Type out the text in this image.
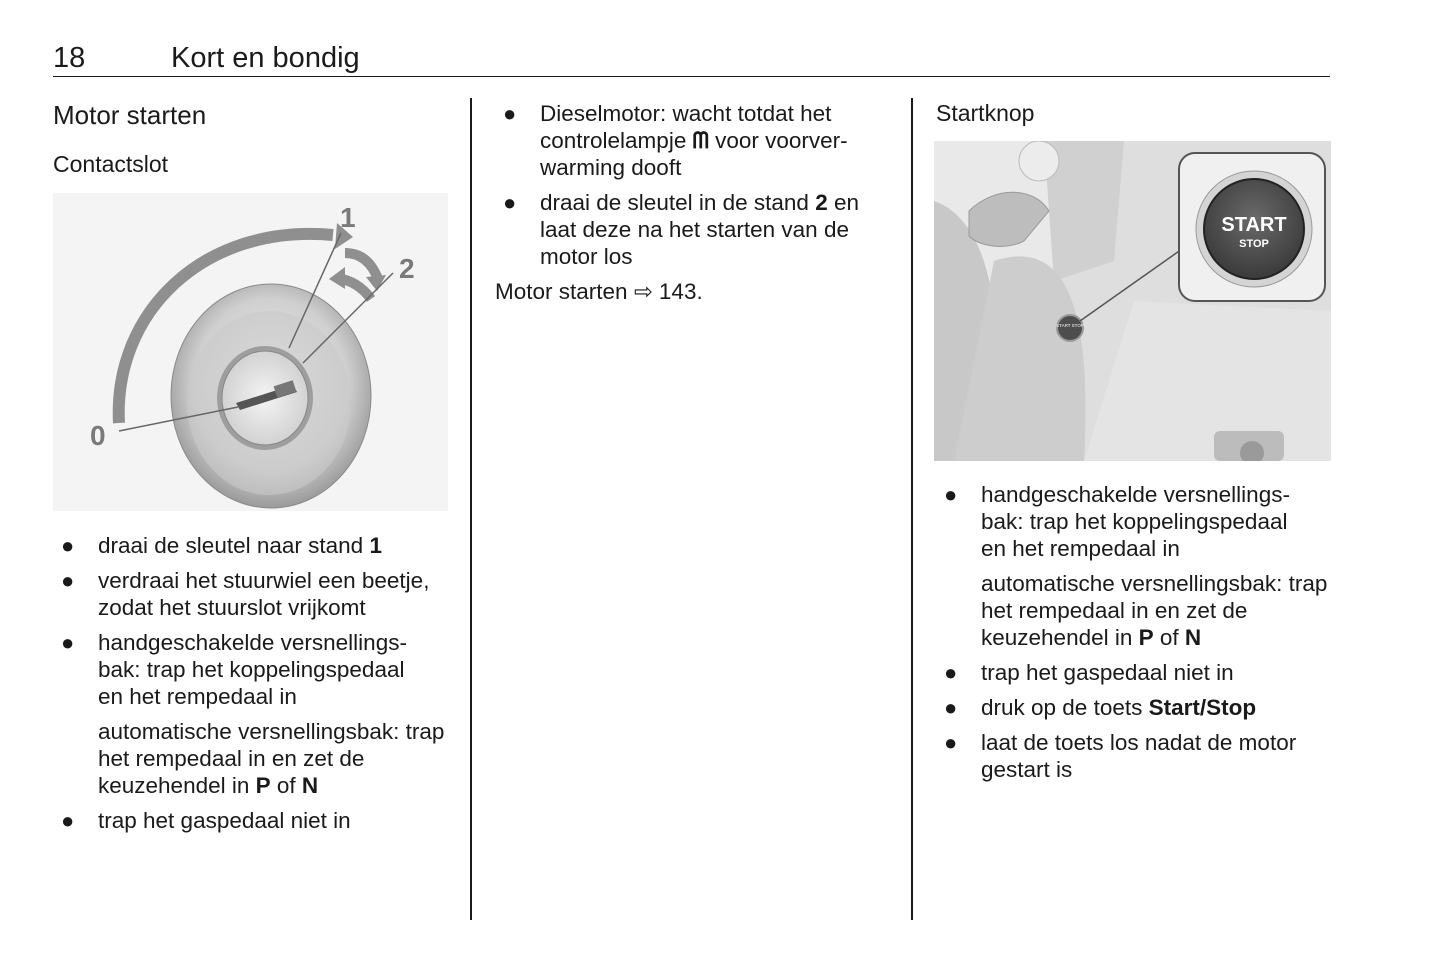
18	Kort en bondig
Motor starten
Contactslot
0
1
2
● draai de sleutel naar stand 1
● verdraai het stuurwiel een beetje, zodat het stuurslot vrijkomt
● handgeschakelde versnellings-
bak: trap het koppelingspedaal
en het rempedaal in
automatische versnellingsbak: trap het rempedaal in en zet de keuzehendel in P of N
● trap het gaspedaal niet in
● Dieselmotor: wacht totdat het controlelampje ᗰ voor voorver-warming dooft
● draai de sleutel in de stand 2 en laat deze na het starten van de motor los
Motor starten ⇨ 143.
Startknop
START STOP
START
STOP
● handgeschakelde versnellings-
bak: trap het koppelingspedaal
en het rempedaal in
automatische versnellingsbak: trap het rempedaal in en zet de keuzehendel in P of N
● trap het gaspedaal niet in
● druk op de toets Start/Stop
● laat de toets los nadat de motor gestart is
